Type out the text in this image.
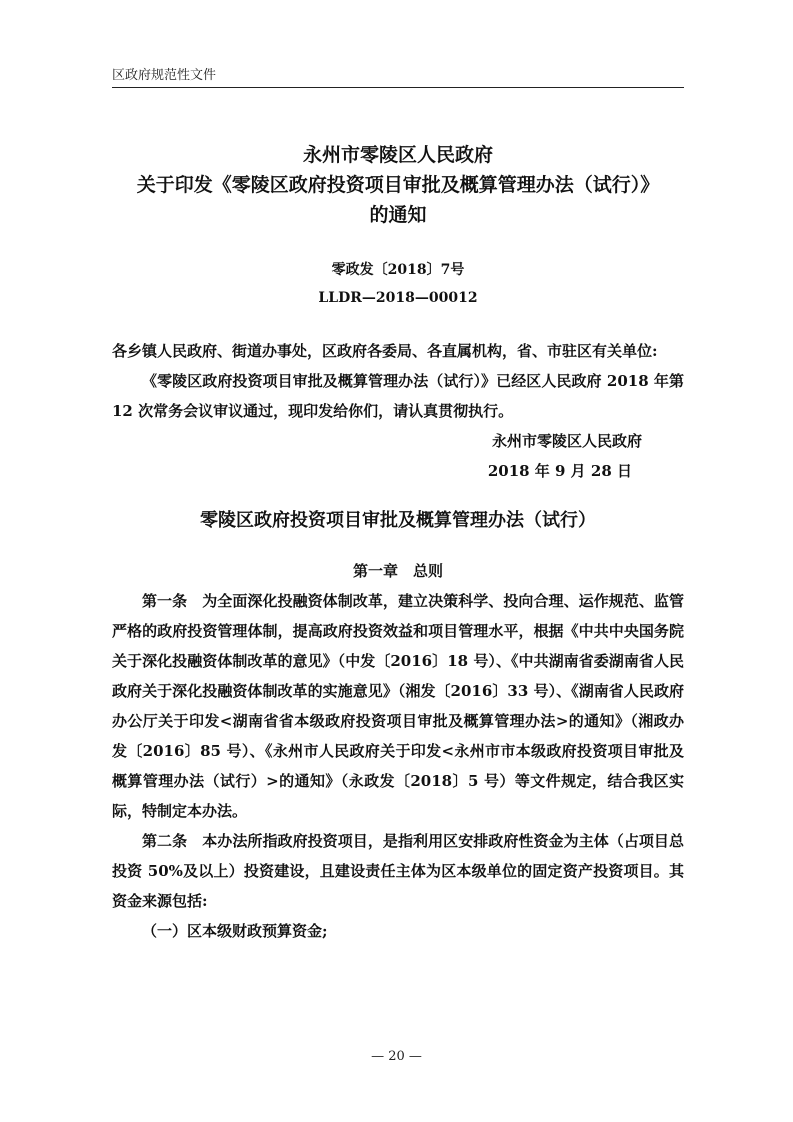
区政府规范性文件
永州市零陵区人民政府
关于印发《零陵区政府投资项目审批及概算管理办法（试行）》
的通知
零政发〔2018〕7号
LLDR—2018—00012
各乡镇人民政府、街道办事处，区政府各委局、各直属机构，省、市驻区有关单位:
《零陵区政府投资项目审批及概算管理办法（试行）》已经区人民政府 2018 年第 12 次常务会议审议通过，现印发给你们，请认真贯彻执行。
永州市零陵区人民政府
2018 年 9 月 28 日
零陵区政府投资项目审批及概算管理办法（试行）
第一章　总则
第一条　为全面深化投融资体制改革，建立决策科学、投向合理、运作规范、监管严格的政府投资管理体制，提高政府投资效益和项目管理水平，根据《中共中央国务院关于深化投融资体制改革的意见》（中发〔2016〕18 号）、《中共湖南省委湖南省人民政府关于深化投融资体制改革的实施意见》（湘发〔2016〕33 号）、《湖南省人民政府办公厅关于印发<湖南省省本级政府投资项目审批及概算管理办法>的通知》（湘政办发〔2016〕85 号）、《永州市人民政府关于印发<永州市市本级政府投资项目审批及概算管理办法（试行）>的通知》（永政发〔2018〕5 号）等文件规定，结合我区实际，特制定本办法。
第二条　本办法所指政府投资项目，是指利用区安排政府性资金为主体（占项目总投资 50%及以上）投资建设，且建设责任主体为区本级单位的固定资产投资项目。其资金来源包括:
（一）区本级财政预算资金;
— 20 —
